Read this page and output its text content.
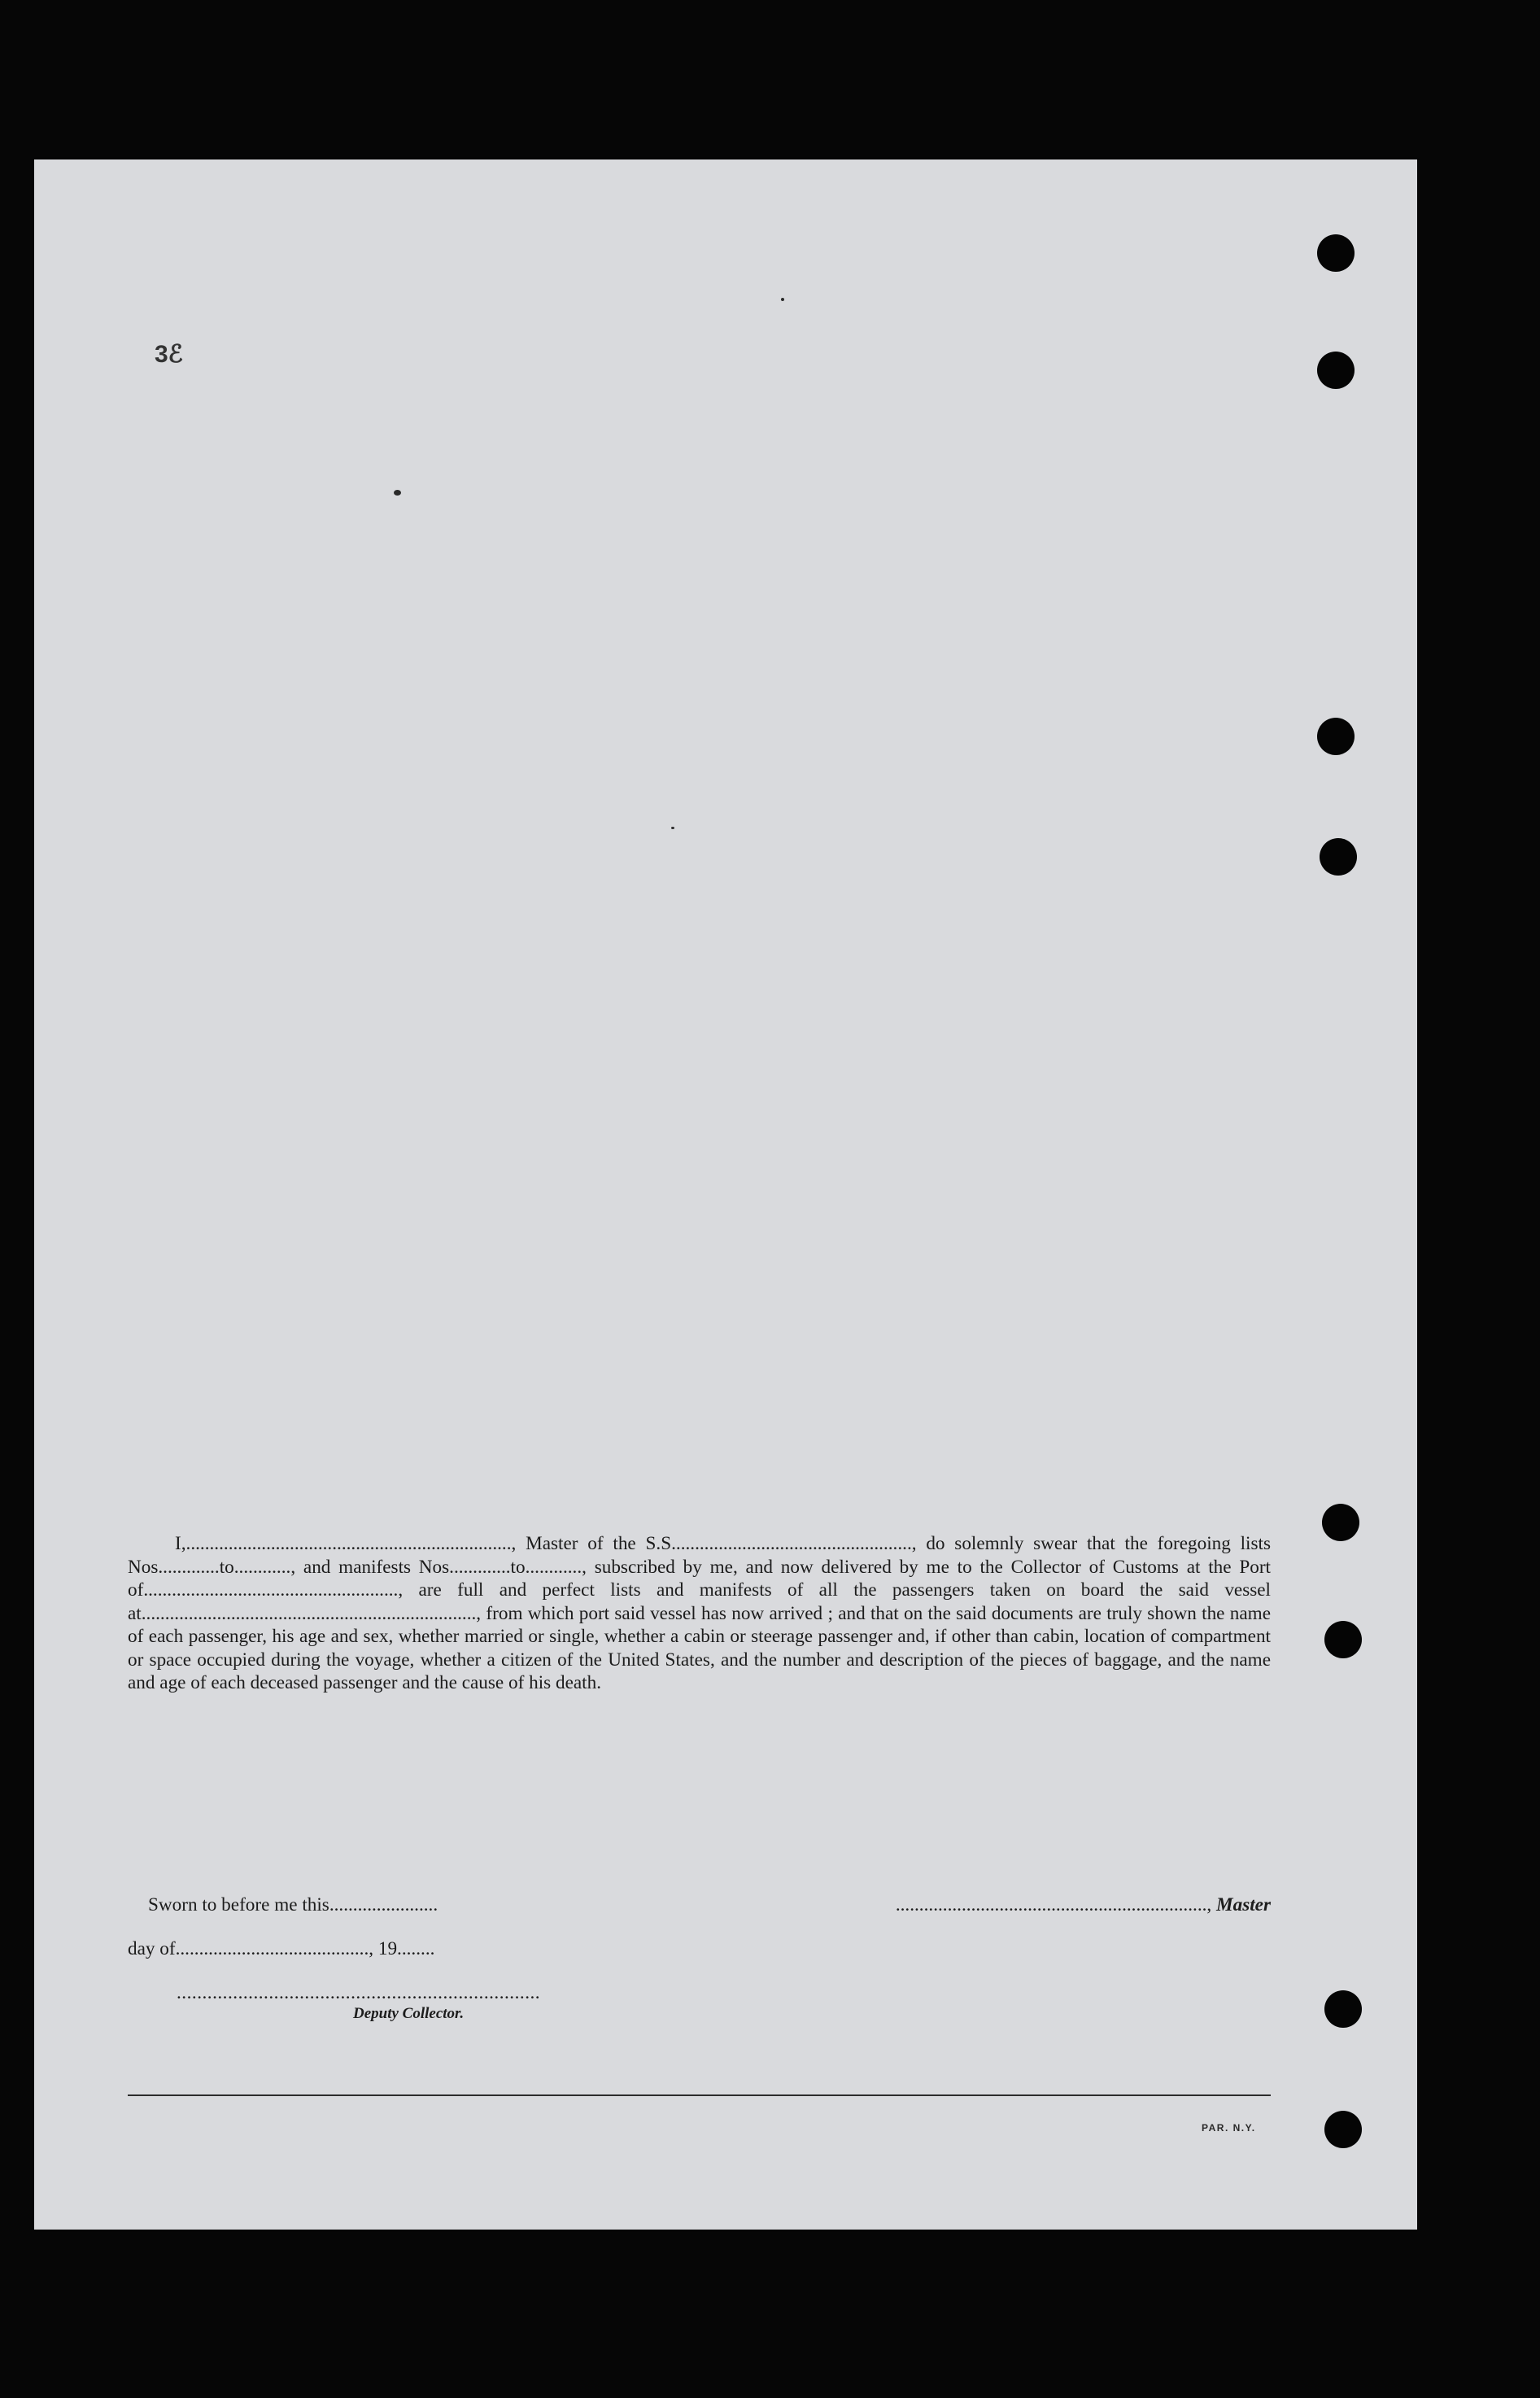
3ℰ

I,....................................................................., Master of the S.S..................................................., do solemnly swear that the foregoing lists Nos.............to............, and manifests Nos.............to............, subscribed by me, and now delivered by me to the Collector of Customs at the Port of......................................................, are full and perfect lists and manifests of all the passengers taken on board the said vessel at......................................................................., from which port said vessel has now arrived ; and that on the said documents are truly shown the name of each passenger, his age and sex, whether married or single, whether a cabin or steerage passenger and, if other than cabin, location of compartment or space occupied during the voyage, whether a citizen of the United States, and the number and description of the pieces of baggage, and the name and age of each deceased passenger and the cause of his death.

Sworn to before me this.......................	.................................................................., Master
day of........................................., 19........
.......................................................................
Deputy Collector.
PAR. N.Y.
